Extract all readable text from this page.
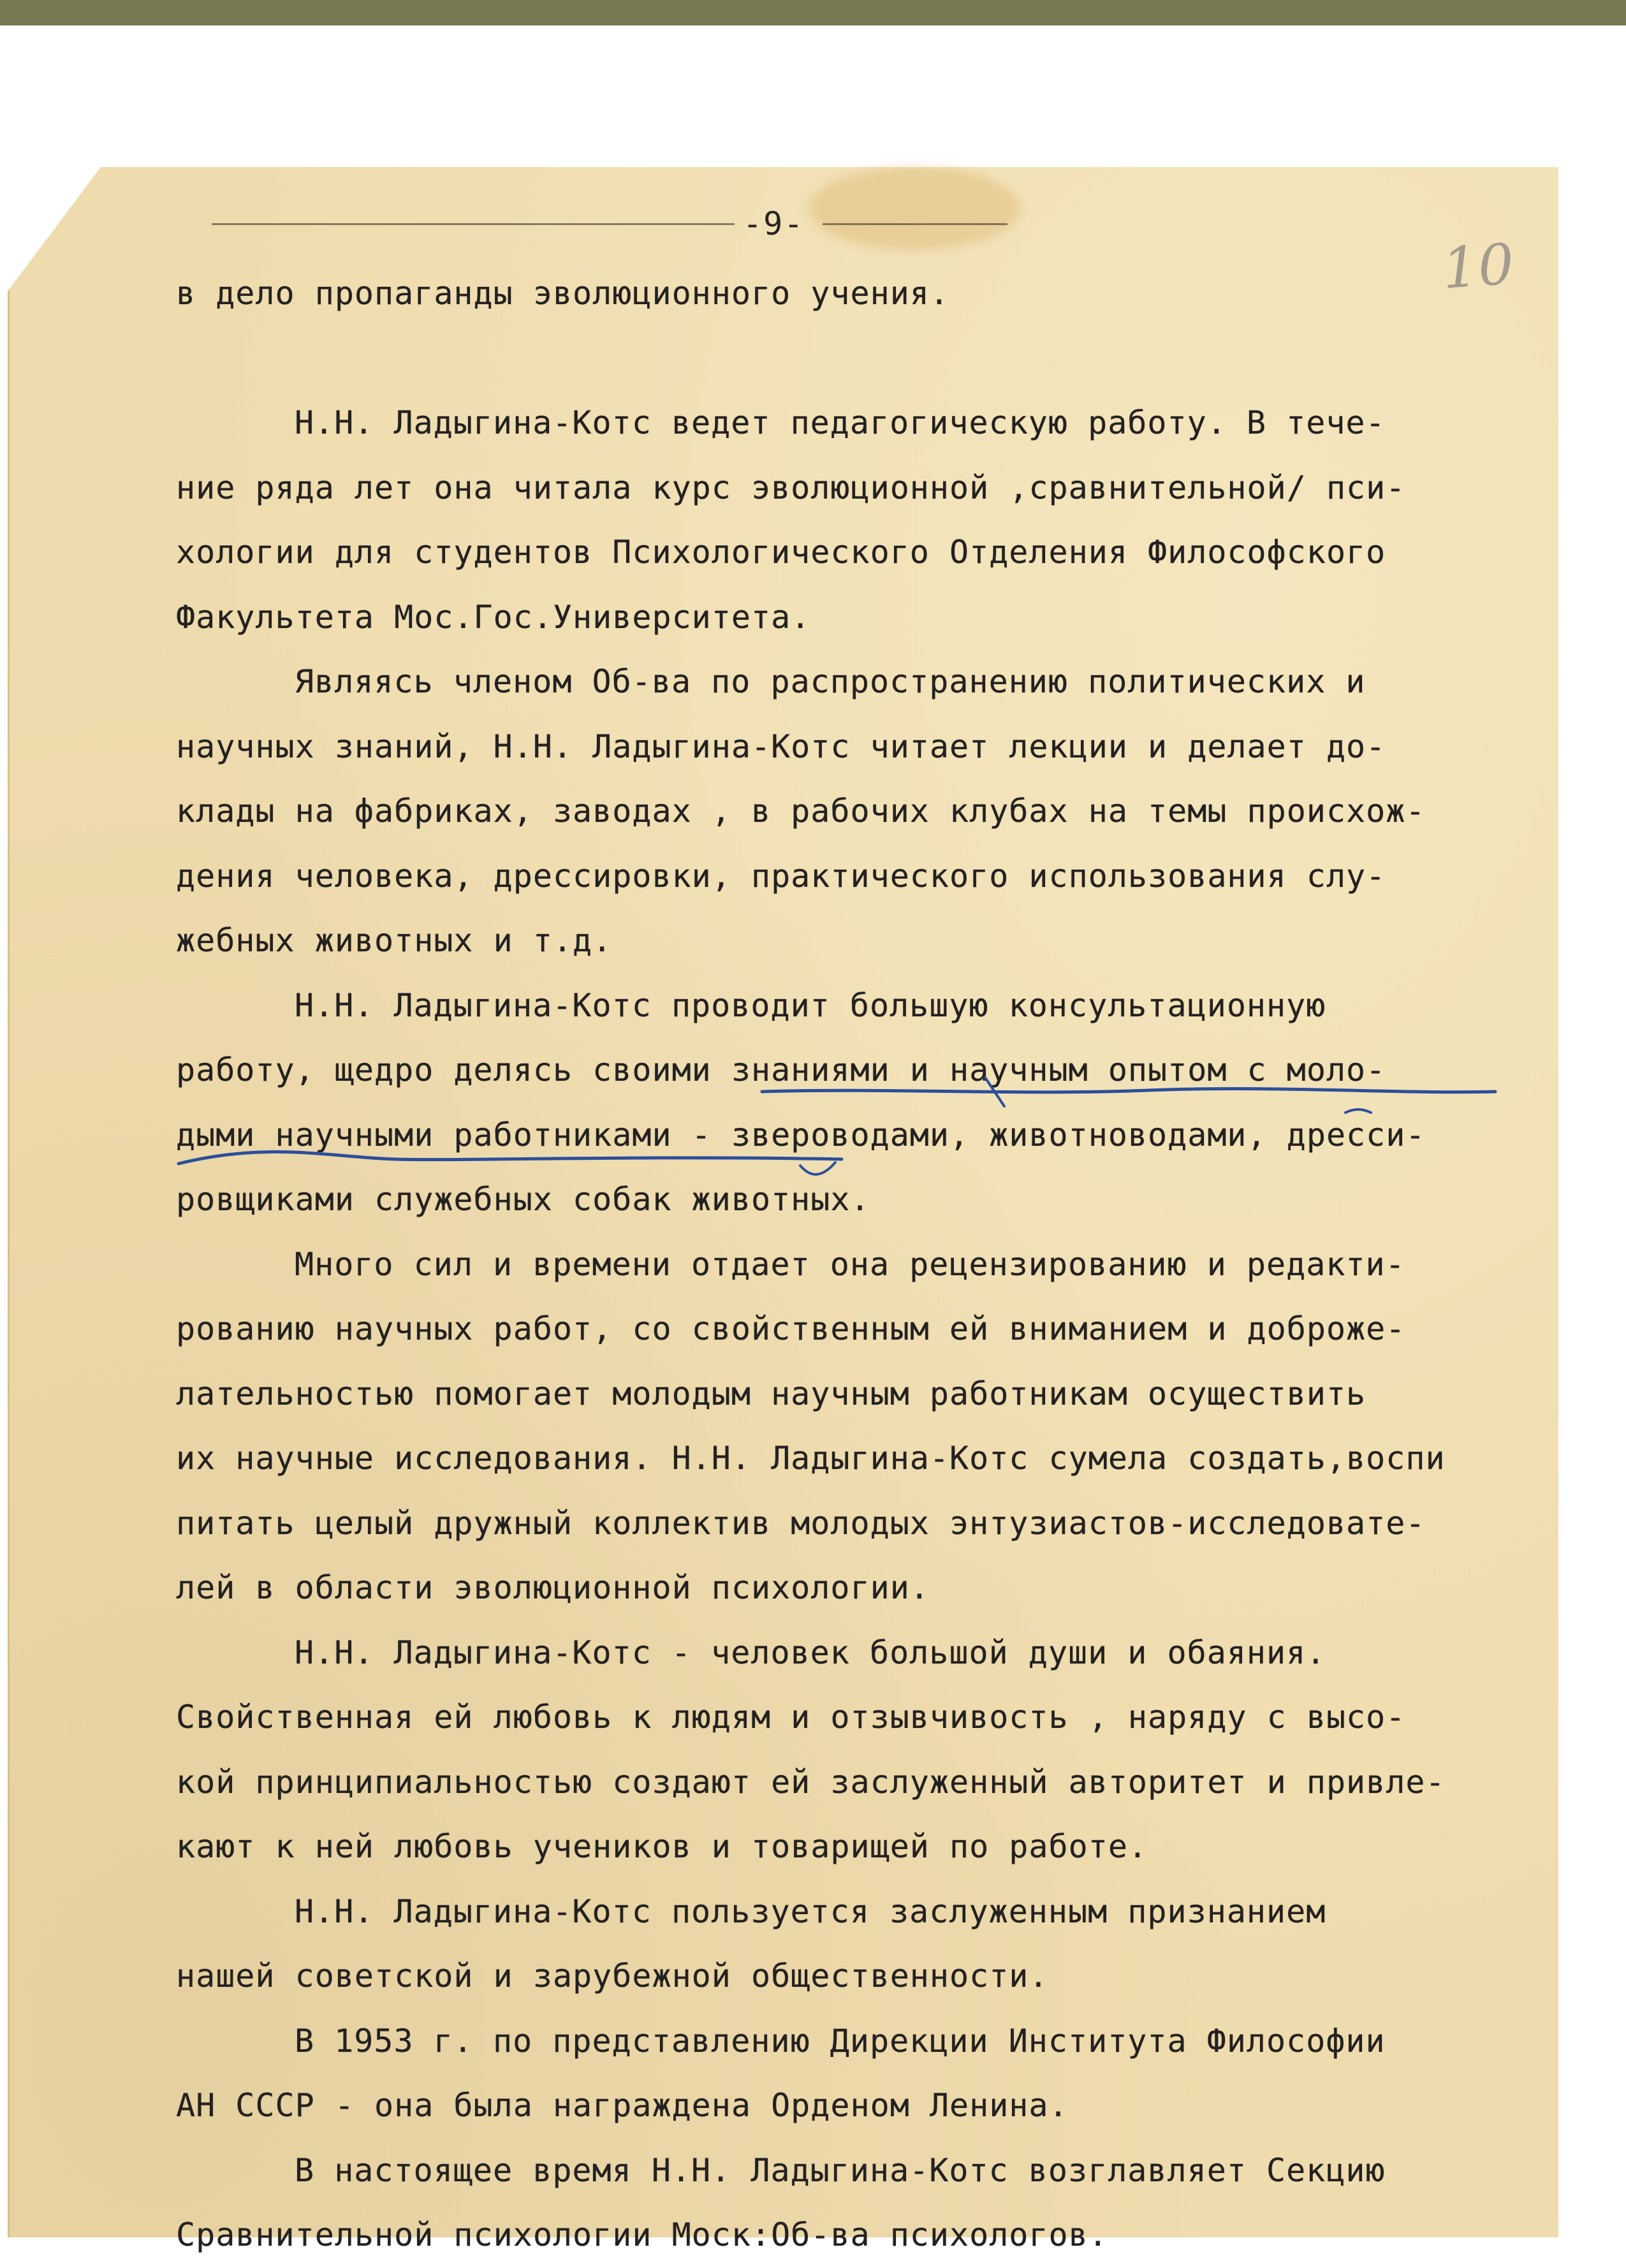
-9-
10
в дело пропаганды эволюционного учения.
Н.Н. Ладыгина-Котс ведет педагогическую работу. В тече-
ние ряда лет она читала курс эволюционной ,сравнительной/ пси-
хологии для студентов Психологического Отделения Философского
Факультета Мос.Гос.Университета.
Являясь членом Об-ва по распространению политических и
научных знаний, Н.Н. Ладыгина-Котс читает лекции и делает до-
клады на фабриках, заводах , в рабочих клубах на темы происхож-
дения человека, дрессировки, практического использования слу-
жебных животных и т.д.
Н.Н. Ладыгина-Котс проводит большую консультационную
работу, щедро делясь своими знаниями и научным опытом с моло-
дыми научными работниками - звероводами, животноводами, дресси-
ровщиками служебных собак животных.
Много сил и времени отдает она рецензированию и редакти-
рованию научных работ, со свойственным ей вниманием и доброже-
лательностью помогает молодым научным работникам осуществить
их научные исследования. Н.Н. Ладыгина-Котс сумела создать,воспи
питать целый дружный коллектив молодых энтузиастов-исследовате-
лей в области эволюционной психологии.
Н.Н. Ладыгина-Котс - человек большой души и обаяния.
Свойственная ей любовь к людям и отзывчивость , наряду с высо-
кой принципиальностью создают ей заслуженный авторитет и привле-
кают к ней любовь учеников и товарищей по работе.
Н.Н. Ладыгина-Котс пользуется заслуженным признанием
нашей советской и зарубежной общественности.
В 1953 г. по представлению Дирекции Института Философии
АН СССР - она была награждена Орденом Ленина.
В настоящее время Н.Н. Ладыгина-Котс возглавляет Секцию
Сравнительной психологии Моск:Об-ва психологов.
